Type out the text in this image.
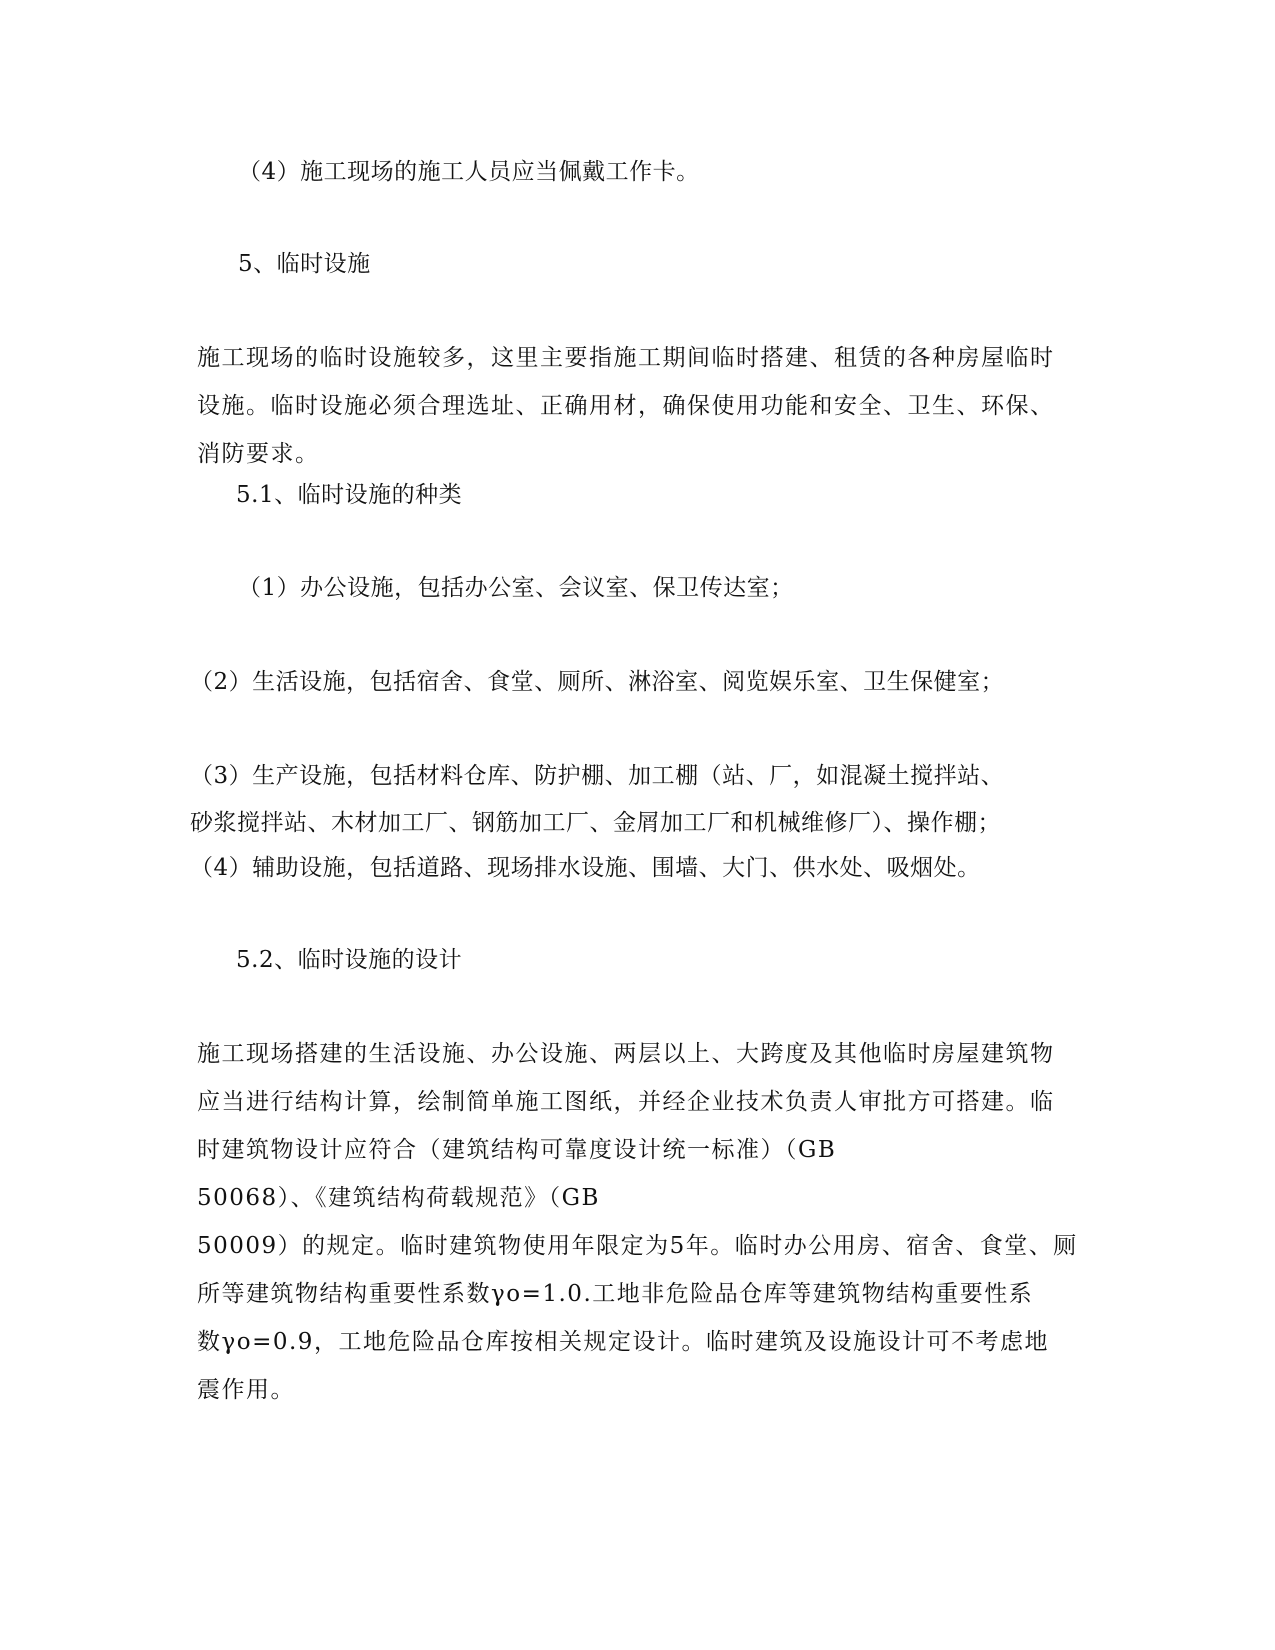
（4）施工现场的施工人员应当佩戴工作卡。
5、临时设施
施工现场的临时设施较多，这里主要指施工期间临时搭建、租赁的各种房屋临时
设施。临时设施必须合理选址、正确用材，确保使用功能和安全、卫生、环保、
消防要求。
5.1、临时设施的种类
（1）办公设施，包括办公室、会议室、保卫传达室；
（2）生活设施，包括宿舍、食堂、厕所、淋浴室、阅览娱乐室、卫生保健室；
（3）生产设施，包括材料仓库、防护棚、加工棚（站、厂，如混凝土搅拌站、
砂浆搅拌站、木材加工厂、钢筋加工厂、金屑加工厂和机械维修厂）、操作棚；
（4）辅助设施，包括道路、现场排水设施、围墙、大门、供水处、吸烟处。
5.2、临时设施的设计
施工现场搭建的生活设施、办公设施、两层以上、大跨度及其他临时房屋建筑物
应当进行结构计算，绘制简单施工图纸，并经企业技术负责人审批方可搭建。临
时建筑物设计应符合（建筑结构可靠度设计统一标准）（GB
50068）、《建筑结构荷载规范》（GB
50009）的规定。临时建筑物使用年限定为5年。临时办公用房、宿舍、食堂、厕
所等建筑物结构重要性系数γo=1.0.工地非危险品仓库等建筑物结构重要性系
数γo=0.9，工地危险品仓库按相关规定设计。临时建筑及设施设计可不考虑地
震作用。
